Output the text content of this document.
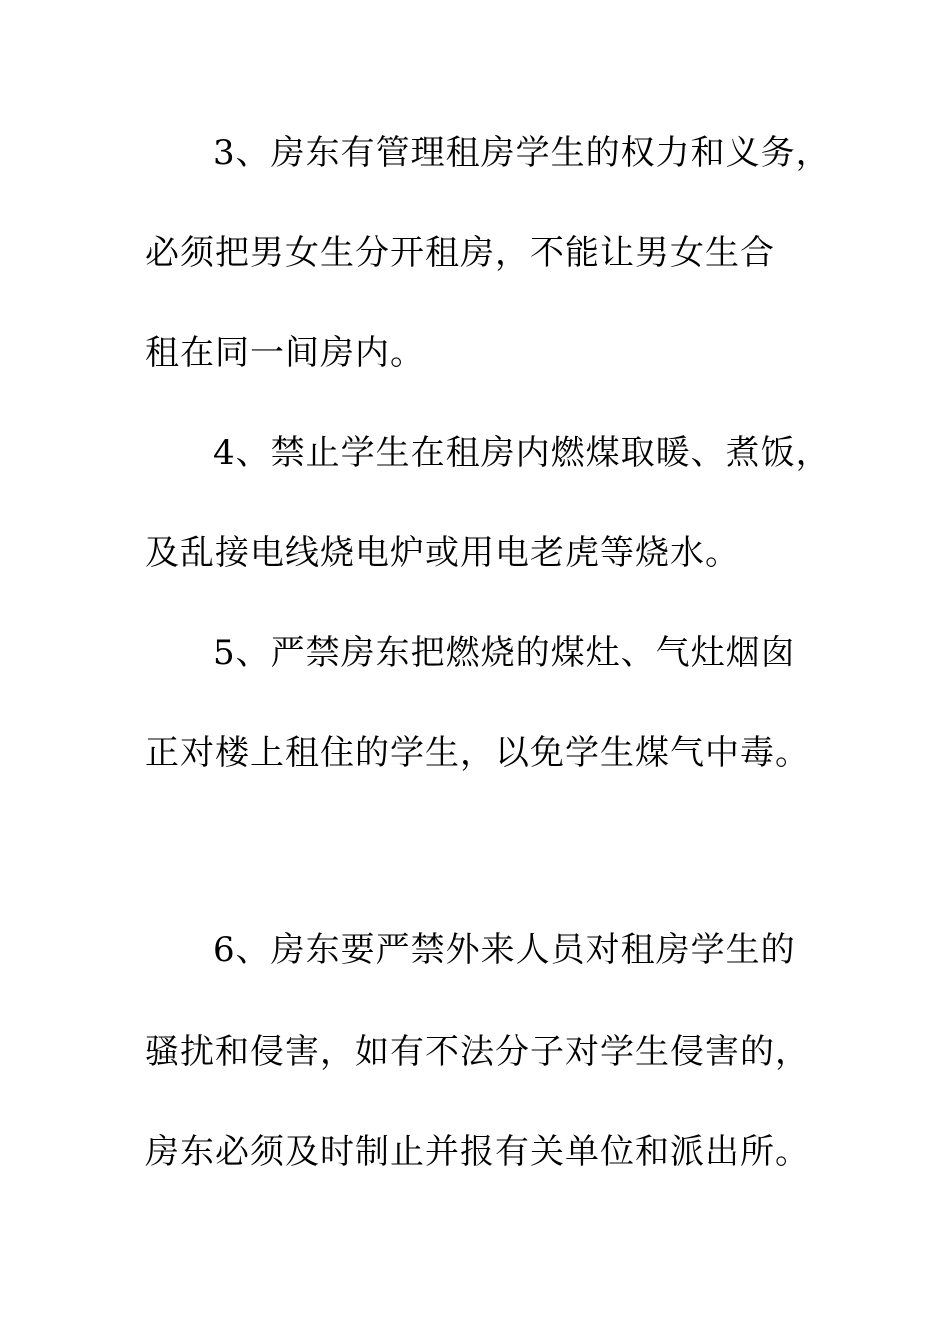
3、房东有管理租房学生的权力和义务，
必须把男女生分开租房，不能让男女生合
租在同一间房内。
4、禁止学生在租房内燃煤取暖、煮饭，
及乱接电线烧电炉或用电老虎等烧水。
5、严禁房东把燃烧的煤灶、气灶烟囱
正对楼上租住的学生，以免学生煤气中毒。
6、房东要严禁外来人员对租房学生的
骚扰和侵害，如有不法分子对学生侵害的，
房东必须及时制止并报有关单位和派出所。
